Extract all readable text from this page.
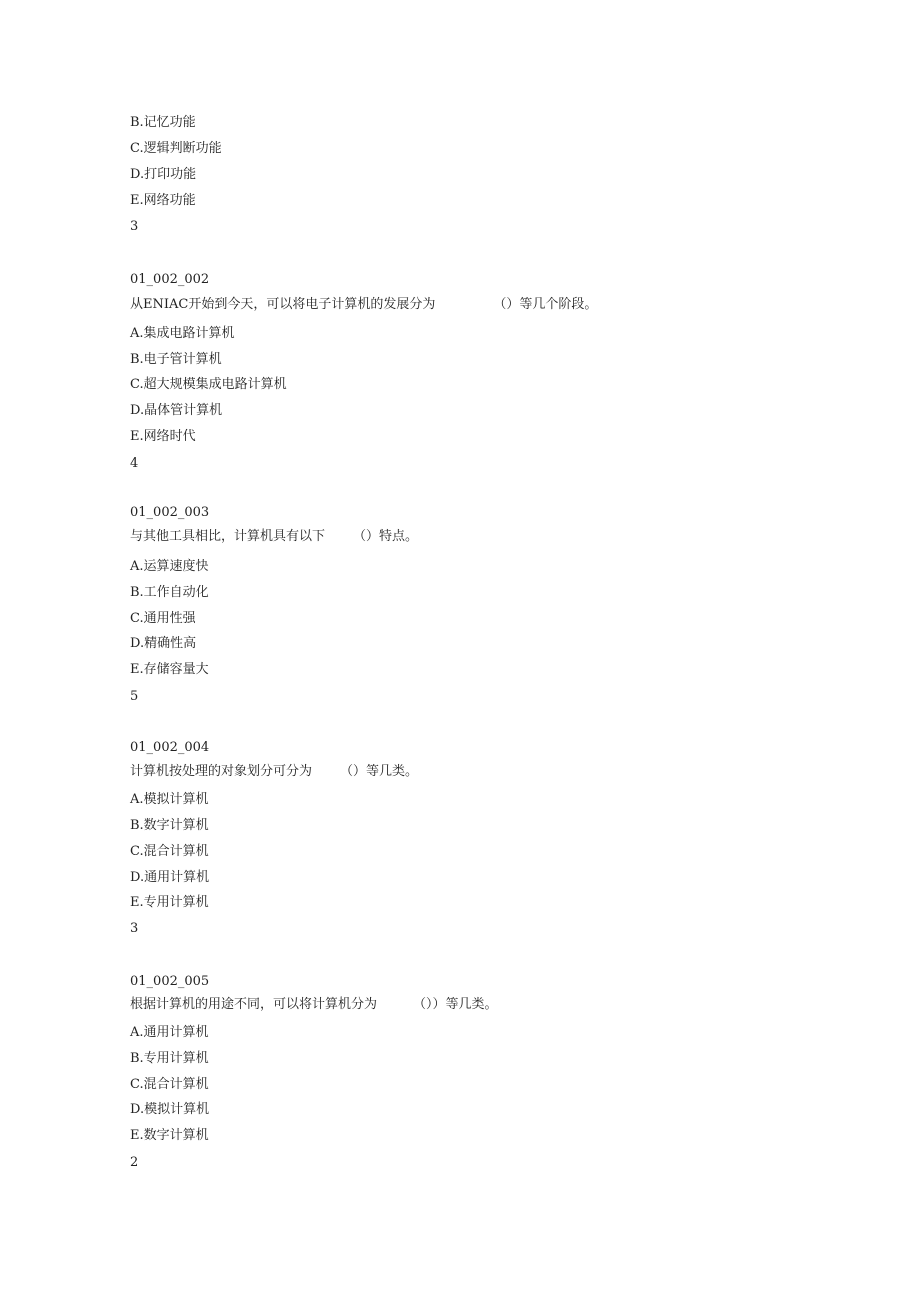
B.记忆功能
C.逻辑判断功能
D.打印功能
E.网络功能
3
01_002_002
从ENIAC开始到今天，可以将电子计算机的发展分为	（）等几个阶段。
A.集成电路计算机
B.电子管计算机
C.超大规模集成电路计算机
D.晶体管计算机
E.网络时代
4
01_002_003
与其他工具相比，计算机具有以下 （）特点。
A.运算速度快
B.工作自动化
C.通用性强
D.精确性高
E.存储容量大
5
01_002_004
计算机按处理的对象划分可分为 （）等几类。
A.模拟计算机
B.数字计算机
C.混合计算机
D.通用计算机
E.专用计算机
3
01_002_005
根据计算机的用途不同，可以将计算机分为	（））等几类。
A.通用计算机
B.专用计算机
C.混合计算机
D.模拟计算机
E.数字计算机
2
